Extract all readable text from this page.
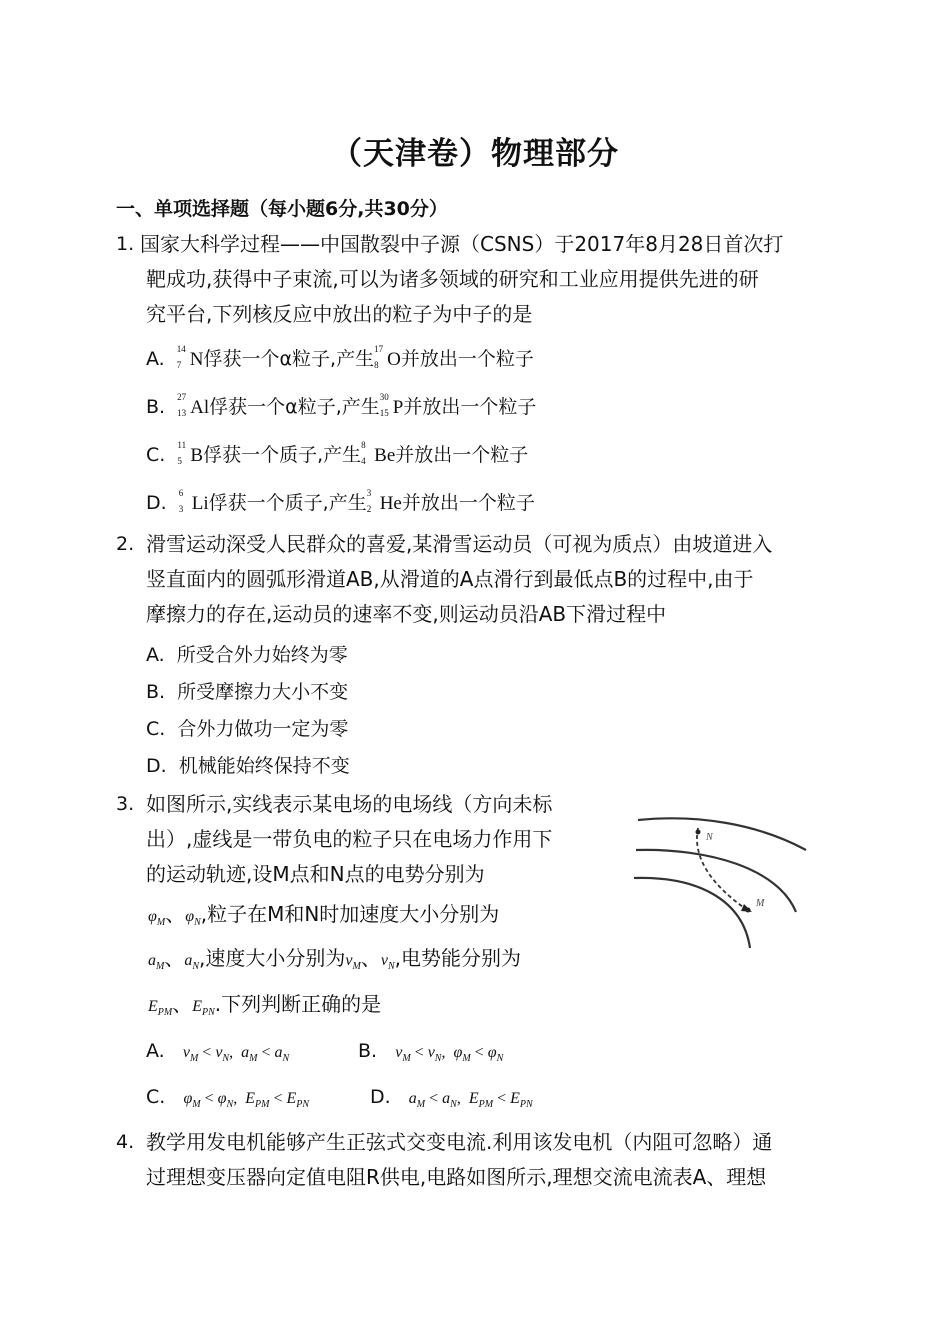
（天津卷）物理部分
一、单项选择题（每小题6分,共30分）
1. 国家大科学过程——中国散裂中子源（CSNS）于2017年8月28日首次打
靶成功,获得中子束流,可以为诸多领域的研究和工业应用提供先进的研
究平台,下列核反应中放出的粒子为中子的是
A. 14
7 N俘获一个α粒子,产生 17
8 O并放出一个粒子
B. 27
13 Al俘获一个α粒子,产生 30
15 P并放出一个粒子
C. 11
5 B俘获一个质子,产生 8
4 Be并放出一个粒子
D. 6
3 Li俘获一个质子,产生 3
2 He并放出一个粒子
2. 滑雪运动深受人民群众的喜爱,某滑雪运动员（可视为质点）由坡道进入
竖直面内的圆弧形滑道AB,从滑道的A点滑行到最低点B的过程中,由于
摩擦力的存在,运动员的速率不变,则运动员沿AB下滑过程中
A. 所受合外力始终为零
B. 所受摩擦力大小不变
C. 合外力做功一定为零
D. 机械能始终保持不变
3. 如图所示,实线表示某电场的电场线（方向未标
出）,虚线是一带负电的粒子只在电场力作用下
的运动轨迹,设M点和N点的电势分别为
$\varphi_M$、$\varphi_N$,粒子在M和N时加速度大小分别为
$a_M$、$a_N$,速度大小分别为$v_M$、$v_N$,电势能分别为
$E_{PM}$、$E_{PN}$.下列判断正确的是
A. $v_M < v_N$,  $a_M < a_N$	B. $v_M < v_N$,  $\varphi_M < \varphi_N$
C. $\varphi_M < \varphi_N$,  $E_{PM} < E_{PN}$	D. $a_M < a_N$,  $E_{PM} < E_{PN}$
N
M
4. 教学用发电机能够产生正弦式交变电流.利用该发电机（内阻可忽略）通
过理想变压器向定值电阻R供电,电路如图所示,理想交流电流表A、理想
